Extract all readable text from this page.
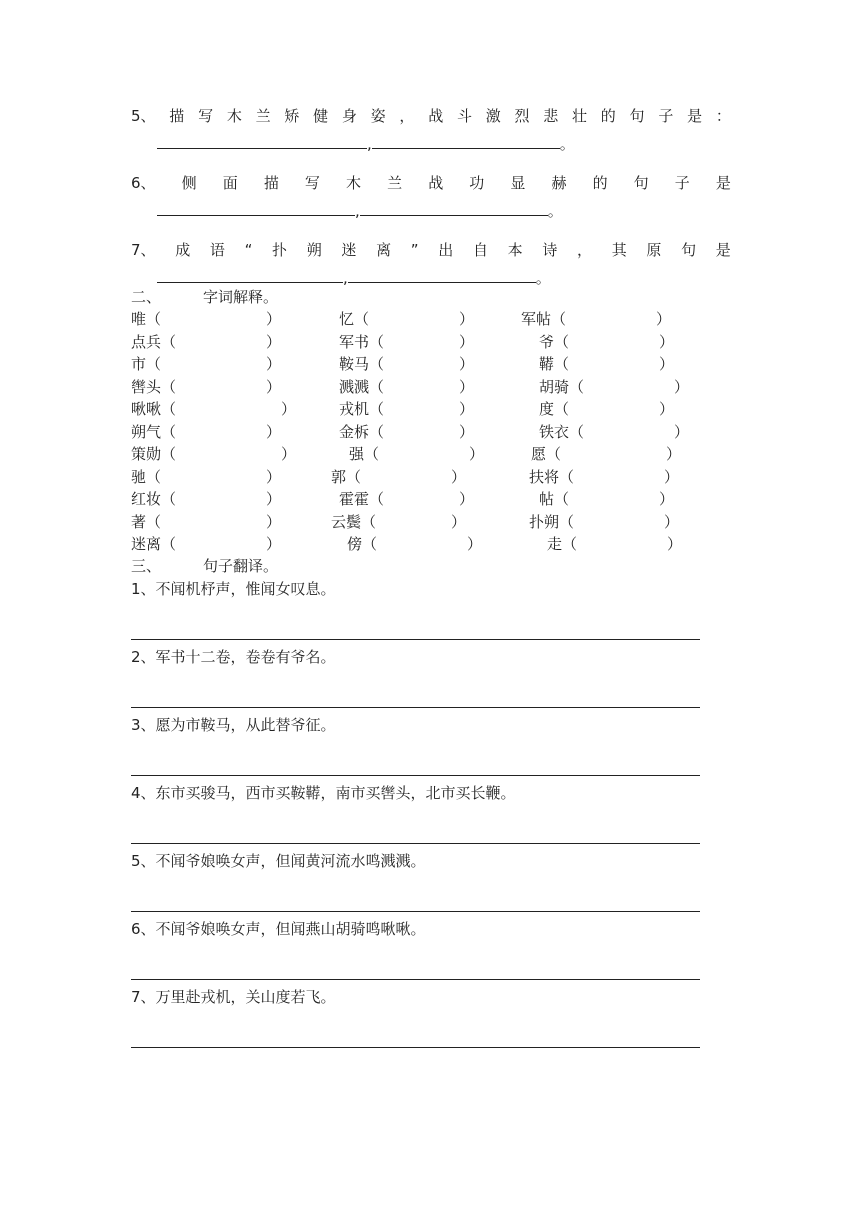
5、 描 写 木 兰 矫 健 身 姿 ， 战 斗 激 烈 悲 壮 的 句 子 是 ：
,	。
6、 侧 面 描 写 木 兰 战 功 显 赫 的 句 子 是
,	。
7、 成 语 “ 扑 朔 迷 离 ” 出 自 本 诗 ， 其 原 句 是
,	。
二、	字词解释。
唯（　　　　　　　）	忆（　　　　　　）	军帖（　　　　　　）
点兵（　　　　　　）	军书（　　　　　）	爷（　　　　　　）
市（　　　　　　　）	鞍马（　　　　　）	鞯（　　　　　　）
辔头（　　　　　　）	溅溅（　　　　　）	胡骑（　　　　　　）
啾啾（　　　　　　　）	戎机（　　　　　）	度（　　　　　　）
朔气（　　　　　　）	金柝（　　　　　）	铁衣（　　　　　　）
策勋（　　　　　　　）	强（　　　　　　）	愿（　　　　　　　）
驰（　　　　　　　）	郭（　　　　　　）	扶将（　　　　　　）
红妆（　　　　　　）	霍霍（　　　　　）	帖（　　　　　　）
著（　　　　　　　）	云鬓（　　　　　）	扑朔（　　　　　　）
迷离（　　　　　　）	傍（　　　　　　）	走（　　　　　　）
三、	句子翻译。
1、不闻机杼声，惟闻女叹息。
2、军书十二卷，卷卷有爷名。
3、愿为市鞍马，从此替爷征。
4、东市买骏马，西市买鞍鞯，南市买辔头，北市买长鞭。
5、不闻爷娘唤女声，但闻黄河流水鸣溅溅。
6、不闻爷娘唤女声，但闻燕山胡骑鸣啾啾。
7、万里赴戎机，关山度若飞。
